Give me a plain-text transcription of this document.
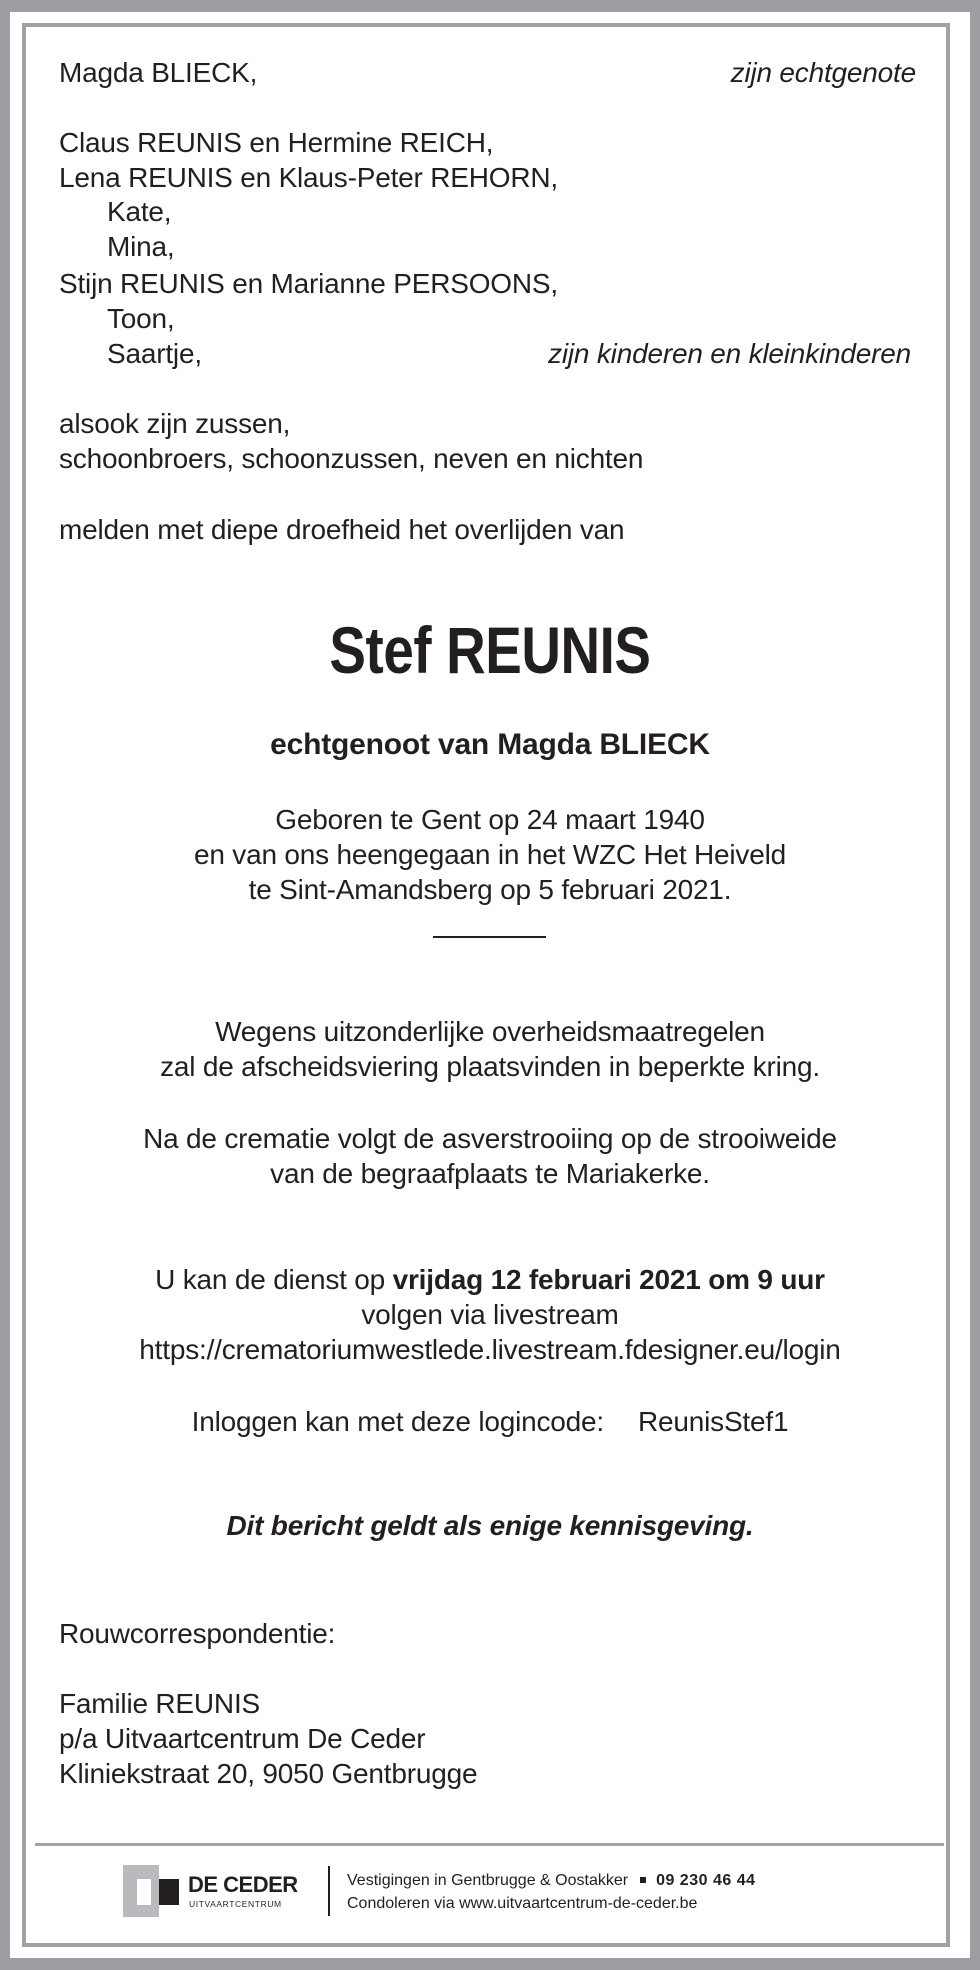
Magda BLIECK,	zijn echtgenote
Claus REUNIS en Hermine REICH,
Lena REUNIS en Klaus-Peter REHORN,
Kate,
Mina,
Stijn REUNIS en Marianne PERSOONS,
Toon,
Saartje,	zijn kinderen en kleinkinderen
alsook zijn zussen,
schoonbroers, schoonzussen, neven en nichten
melden met diepe droefheid het overlijden van
Stef REUNIS
echtgenoot van Magda BLIECK
Geboren te Gent op 24 maart 1940
en van ons heengegaan in het WZC Het Heiveld
te Sint-Amandsberg op 5 februari 2021.
Wegens uitzonderlijke overheidsmaatregelen
zal de afscheidsviering plaatsvinden in beperkte kring.
Na de crematie volgt de asverstrooiing op de strooiweide
van de begraafplaats te Mariakerke.
U kan de dienst op vrijdag 12 februari 2021 om 9 uur
volgen via livestream
https://crematoriumwestlede.livestream.fdesigner.eu/login
Inloggen kan met deze logincode: ReunisStef1
Dit bericht geldt als enige kennisgeving.
Rouwcorrespondentie:
Familie REUNIS
p/a Uitvaartcentrum De Ceder
Kliniekstraat 20, 9050 Gentbrugge
DE CEDER
UITVAARTCENTRUM
Vestigingen in Gentbrugge & Oostakker 09 230 46 44
Condoleren via www.uitvaartcentrum-de-ceder.be
